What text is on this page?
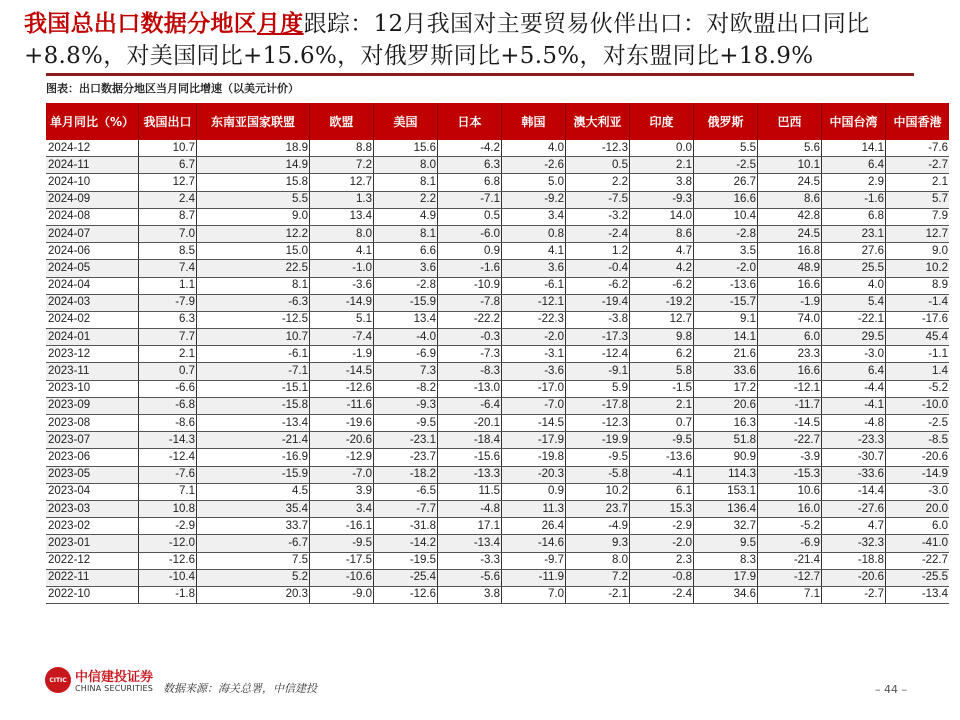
我国总出口数据分地区月度跟踪：12月我国对主要贸易伙伴出口：对欧盟出口同比+8.8%，对美国同比+15.6%，对俄罗斯同比+5.5%，对东盟同比+18.9%
图表：出口数据分地区当月同比增速（以美元计价）
单月同比（%）	我国出口	东南亚国家联盟	欧盟	美国	日本	韩国	澳大利亚	印度	俄罗斯	巴西	中国台湾	中国香港
2024-12	10.7	18.9	8.8	15.6	-4.2	4.0	-12.3	0.0	5.5	5.6	14.1	-7.6
2024-11	6.7	14.9	7.2	8.0	6.3	-2.6	0.5	2.1	-2.5	10.1	6.4	-2.7
2024-10	12.7	15.8	12.7	8.1	6.8	5.0	2.2	3.8	26.7	24.5	2.9	2.1
2024-09	2.4	5.5	1.3	2.2	-7.1	-9.2	-7.5	-9.3	16.6	8.6	-1.6	5.7
2024-08	8.7	9.0	13.4	4.9	0.5	3.4	-3.2	14.0	10.4	42.8	6.8	7.9
2024-07	7.0	12.2	8.0	8.1	-6.0	0.8	-2.4	8.6	-2.8	24.5	23.1	12.7
2024-06	8.5	15.0	4.1	6.6	0.9	4.1	1.2	4.7	3.5	16.8	27.6	9.0
2024-05	7.4	22.5	-1.0	3.6	-1.6	3.6	-0.4	4.2	-2.0	48.9	25.5	10.2
2024-04	1.1	8.1	-3.6	-2.8	-10.9	-6.1	-6.2	-6.2	-13.6	16.6	4.0	8.9
2024-03	-7.9	-6.3	-14.9	-15.9	-7.8	-12.1	-19.4	-19.2	-15.7	-1.9	5.4	-1.4
2024-02	6.3	-12.5	5.1	13.4	-22.2	-22.3	-3.8	12.7	9.1	74.0	-22.1	-17.6
2024-01	7.7	10.7	-7.4	-4.0	-0.3	-2.0	-17.3	9.8	14.1	6.0	29.5	45.4
2023-12	2.1	-6.1	-1.9	-6.9	-7.3	-3.1	-12.4	6.2	21.6	23.3	-3.0	-1.1
2023-11	0.7	-7.1	-14.5	7.3	-8.3	-3.6	-9.1	5.8	33.6	16.6	6.4	1.4
2023-10	-6.6	-15.1	-12.6	-8.2	-13.0	-17.0	5.9	-1.5	17.2	-12.1	-4.4	-5.2
2023-09	-6.8	-15.8	-11.6	-9.3	-6.4	-7.0	-17.8	2.1	20.6	-11.7	-4.1	-10.0
2023-08	-8.6	-13.4	-19.6	-9.5	-20.1	-14.5	-12.3	0.7	16.3	-14.5	-4.8	-2.5
2023-07	-14.3	-21.4	-20.6	-23.1	-18.4	-17.9	-19.9	-9.5	51.8	-22.7	-23.3	-8.5
2023-06	-12.4	-16.9	-12.9	-23.7	-15.6	-19.8	-9.5	-13.6	90.9	-3.9	-30.7	-20.6
2023-05	-7.6	-15.9	-7.0	-18.2	-13.3	-20.3	-5.8	-4.1	114.3	-15.3	-33.6	-14.9
2023-04	7.1	4.5	3.9	-6.5	11.5	0.9	10.2	6.1	153.1	10.6	-14.4	-3.0
2023-03	10.8	35.4	3.4	-7.7	-4.8	11.3	23.7	15.3	136.4	16.0	-27.6	20.0
2023-02	-2.9	33.7	-16.1	-31.8	17.1	26.4	-4.9	-2.9	32.7	-5.2	4.7	6.0
2023-01	-12.0	-6.7	-9.5	-14.2	-13.4	-14.6	9.3	-2.0	9.5	-6.9	-32.3	-41.0
2022-12	-12.6	7.5	-17.5	-19.5	-3.3	-9.7	8.0	2.3	8.3	-21.4	-18.8	-22.7
2022-11	-10.4	5.2	-10.6	-25.4	-5.6	-11.9	7.2	-0.8	17.9	-12.7	-20.6	-25.5
2022-10	-1.8	20.3	-9.0	-12.6	3.8	7.0	-2.1	-2.4	34.6	7.1	-2.7	-13.4
CITIC 中信建投证券
CHINA SECURITIES 数据来源：海关总署，中信建投	– 44 –
